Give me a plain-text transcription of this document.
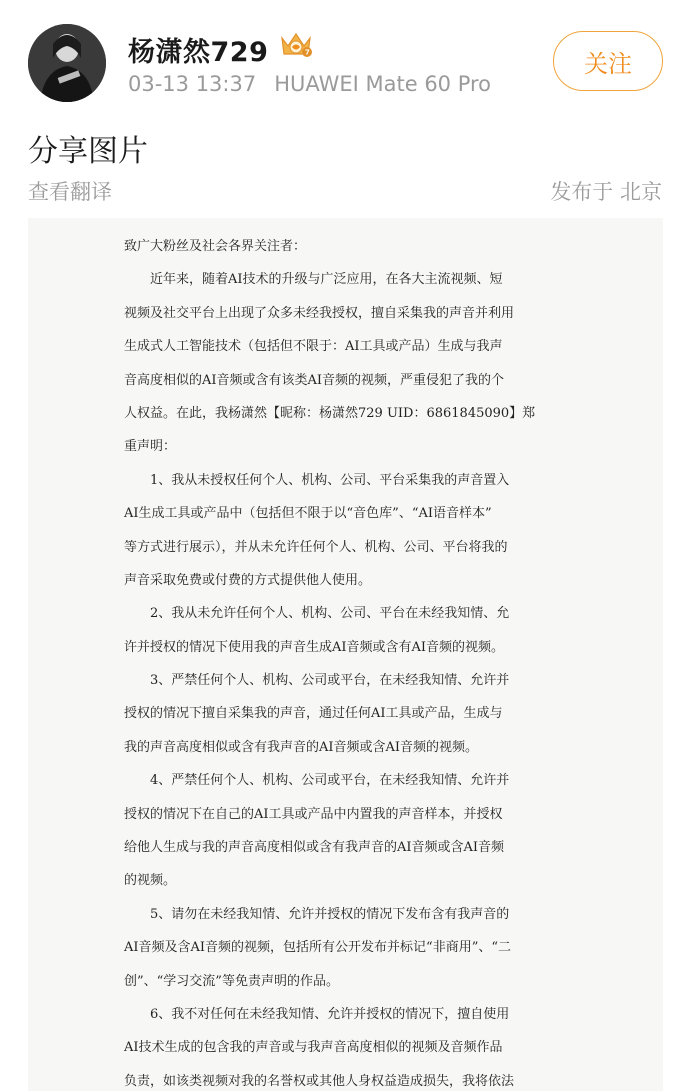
杨潇然729
03-13 13:37 HUAWEI Mate 60 Pro
关注
分享图片
查看翻译	发布于 北京
致广大粉丝及社会各界关注者：
近年来，随着AI技术的升级与广泛应用，在各大主流视频、短
视频及社交平台上出现了众多未经我授权，擅自采集我的声音并利用
生成式人工智能技术（包括但不限于：AI工具或产品）生成与我声
音高度相似的AI音频或含有该类AI音频的视频，严重侵犯了我的个
人权益。在此，我杨潇然【昵称：杨潇然729 UID：6861845090】郑
重声明：
1、我从未授权任何个人、机构、公司、平台采集我的声音置入
AI生成工具或产品中（包括但不限于以“音色库”、“AI语音样本”
等方式进行展示），并从未允许任何个人、机构、公司、平台将我的
声音采取免费或付费的方式提供他人使用。
2、我从未允许任何个人、机构、公司、平台在未经我知情、允
许并授权的情况下使用我的声音生成AI音频或含有AI音频的视频。
3、严禁任何个人、机构、公司或平台，在未经我知情、允许并
授权的情况下擅自采集我的声音，通过任何AI工具或产品，生成与
我的声音高度相似或含有我声音的AI音频或含AI音频的视频。
4、严禁任何个人、机构、公司或平台，在未经我知情、允许并
授权的情况下在自己的AI工具或产品中内置我的声音样本，并授权
给他人生成与我的声音高度相似或含有我声音的AI音频或含AI音频
的视频。
5、请勿在未经我知情、允许并授权的情况下发布含有我声音的
AI音频及含AI音频的视频，包括所有公开发布并标记“非商用”、“二
创”、“学习交流”等免责声明的作品。
6、我不对任何在未经我知情、允许并授权的情况下，擅自使用
AI技术生成的包含我的声音或与我声音高度相似的视频及音频作品
负责，如该类视频对我的名誉权或其他人身权益造成损失，我将依法
